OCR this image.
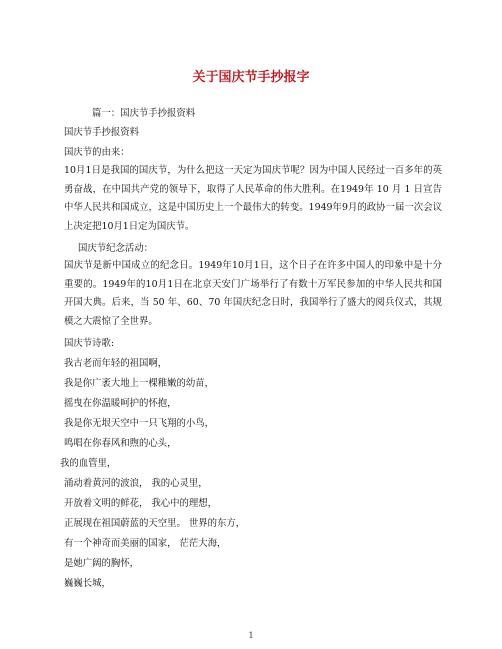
关于国庆节手抄报字
篇一：国庆节手抄报资料
国庆节手抄报资料
国庆节的由来：
10月1日是我国的国庆节，为什么把这一天定为国庆节呢？因为中国人民经过一百多年的英勇奋战，在中国共产党的领导下，取得了人民革命的伟大胜利。在1949年 10 月 1 日宣告中华人民共和国成立，这是中国历史上一个最伟大的转变。1949年9月的政协一届一次会议上决定把10月1日定为国庆节。
国庆节纪念活动：
国庆节是新中国成立的纪念日。1949年10月1日，这个日子在许多中国人的印象中是十分重要的。1949年的10月1日在北京天安门广场举行了有数十万军民参加的中华人民共和国开国大典。后来，当 50 年、60、70 年国庆纪念日时，我国举行了盛大的阅兵仪式，其规模之大震惊了全世界。
国庆节诗歌:
我古老而年轻的祖国啊，
我是你广袤大地上一棵稚嫩的幼苗，
摇曳在你温暖呵护的怀抱，
我是你无垠天空中一只飞翔的小鸟，
鸣唱在你春风和煦的心头，
我的血管里，
涌动着黄河的波浪， 我的心灵里，
开放着文明的鲜花， 我心中的理想，
正展现在祖国蔚蓝的天空里。 世界的东方，
有一个神奇而美丽的国家， 茫茫大海，
是她广阔的胸怀，
巍巍长城，
1
